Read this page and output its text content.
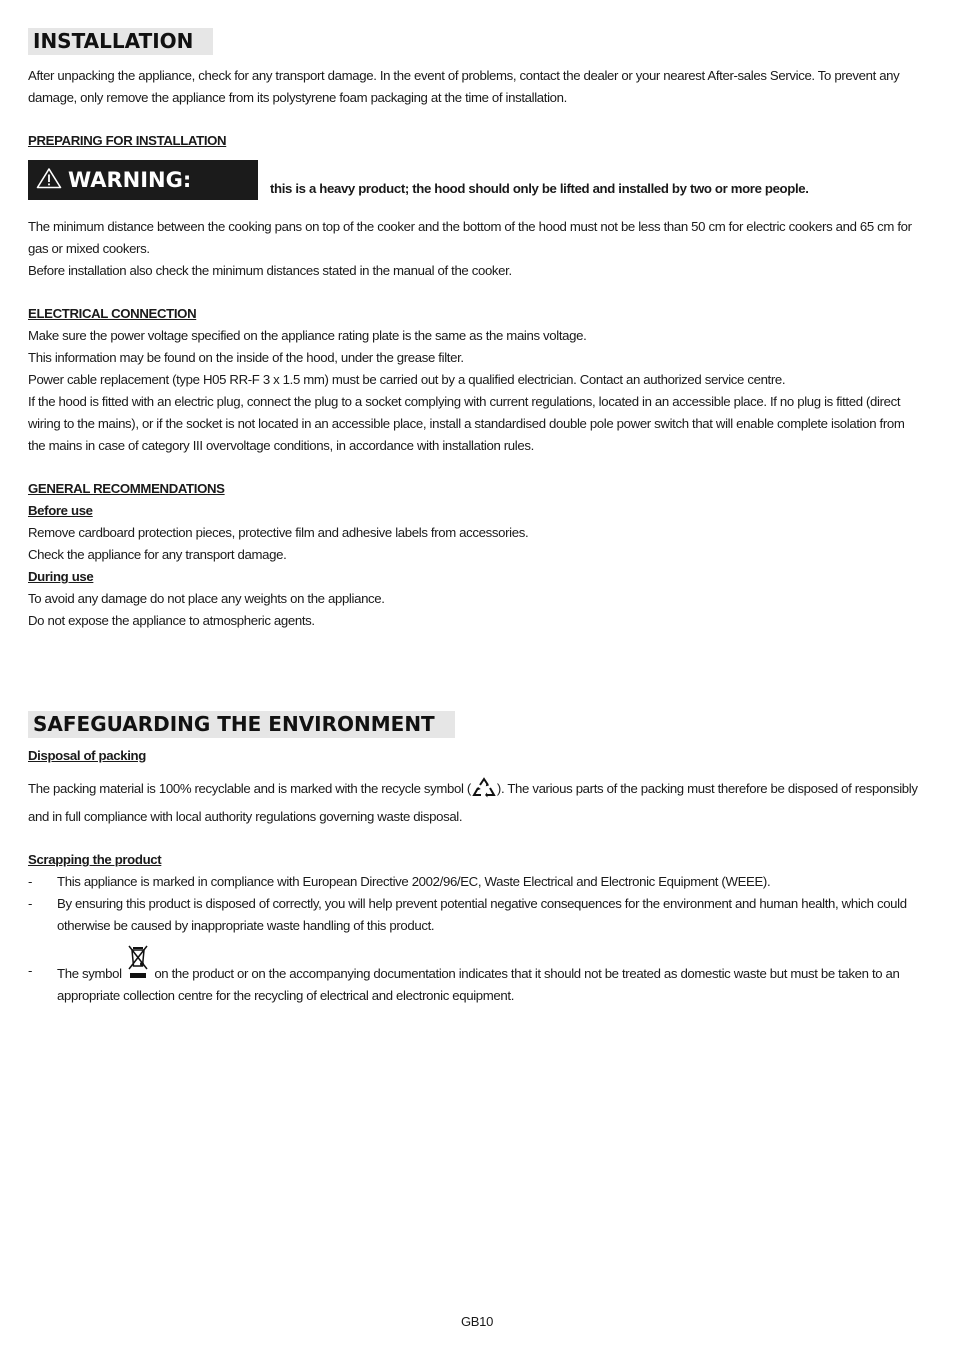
INSTALLATION

After unpacking the appliance, check for any transport damage. In the event of problems, contact the dealer or your nearest After-sales Service. To prevent any damage, only remove the appliance from its polystyrene foam packaging at the time of installation.

PREPARING FOR INSTALLATION
WARNING:	this is a heavy product; the hood should only be lifted and installed by two or more people.

The minimum distance between the cooking pans on top of the cooker and the bottom of the hood must not be less than 50 cm for electric cookers and 65 cm for gas or mixed cookers.

Before installation also check the minimum distances stated in the manual of the cooker.

ELECTRICAL CONNECTION

Make sure the power voltage specified on the appliance rating plate is the same as the mains voltage.

This information may be found on the inside of the hood, under the grease filter.

Power cable replacement (type H05 RR-F 3 x 1.5 mm) must be carried out by a qualified electrician. Contact an authorized service centre.

If the hood is fitted with an electric plug, connect the plug to a socket complying with current regulations, located in an accessible place. If no plug is fitted (direct wiring to the mains), or if the socket is not located in an accessible place, install a standardised double pole power switch that will enable complete isolation from the mains in case of category III overvoltage conditions, in accordance with installation rules.

GENERAL RECOMMENDATIONS
Before use

Remove cardboard protection pieces, protective film and adhesive labels from accessories.

Check the appliance for any transport damage.

During use

To avoid any damage do not place any weights on the appliance.

Do not expose the appliance to atmospheric agents.

SAFEGUARDING THE ENVIRONMENT
Disposal of packing

The packing material is 100% recyclable and is marked with the recycle symbol ( ). The various parts of the packing must therefore be disposed of responsibly and in full compliance with local authority regulations governing waste disposal.

Scrapping the product
-	This appliance is marked in compliance with European Directive 2002/96/EC, Waste Electrical and Electronic Equipment (WEEE).
-	By ensuring this product is disposed of correctly, you will help prevent potential negative consequences for the environment and human health, which could otherwise be caused by inappropriate waste handling of this product.
-	The symbol on the product or on the accompanying documentation indicates that it should not be treated as domestic waste but must be taken to an appropriate collection centre for the recycling of electrical and electronic equipment.
GB10
